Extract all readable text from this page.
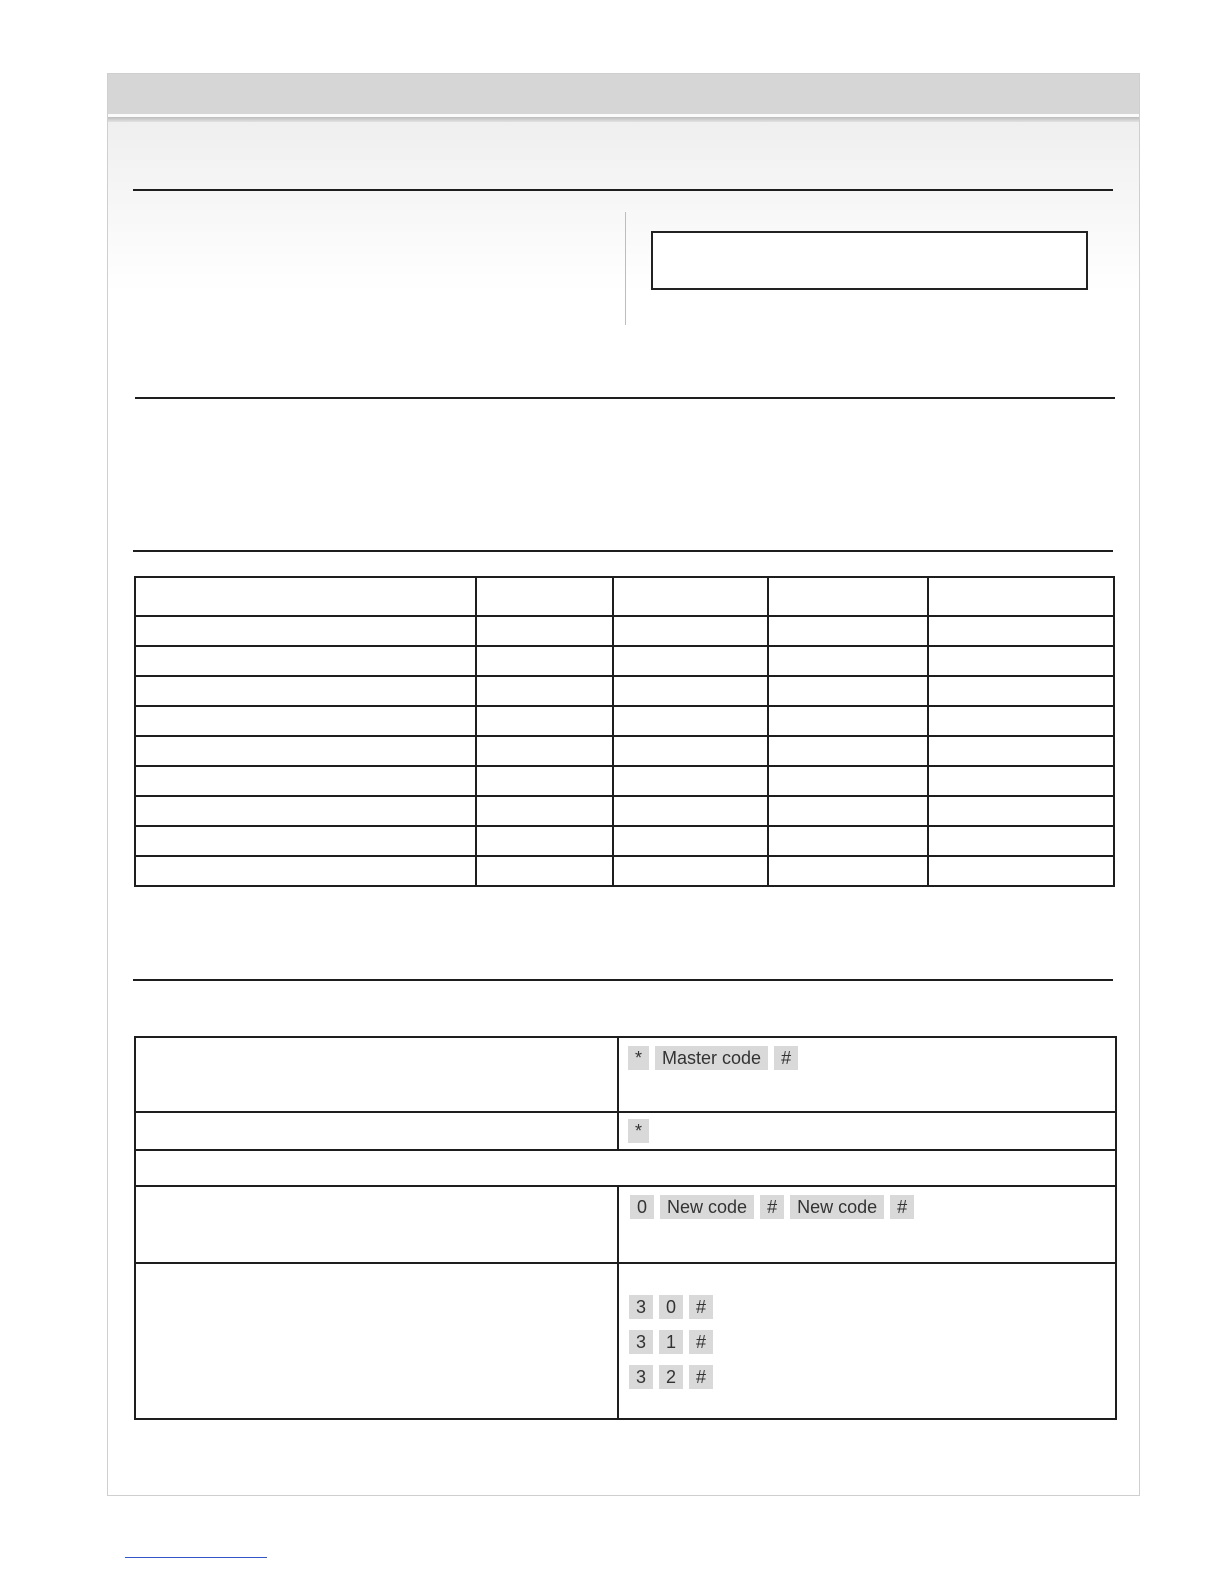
	* Master code #

	*

	0 New code # New code #

	3 0 #
3 1 #
3 2 #
